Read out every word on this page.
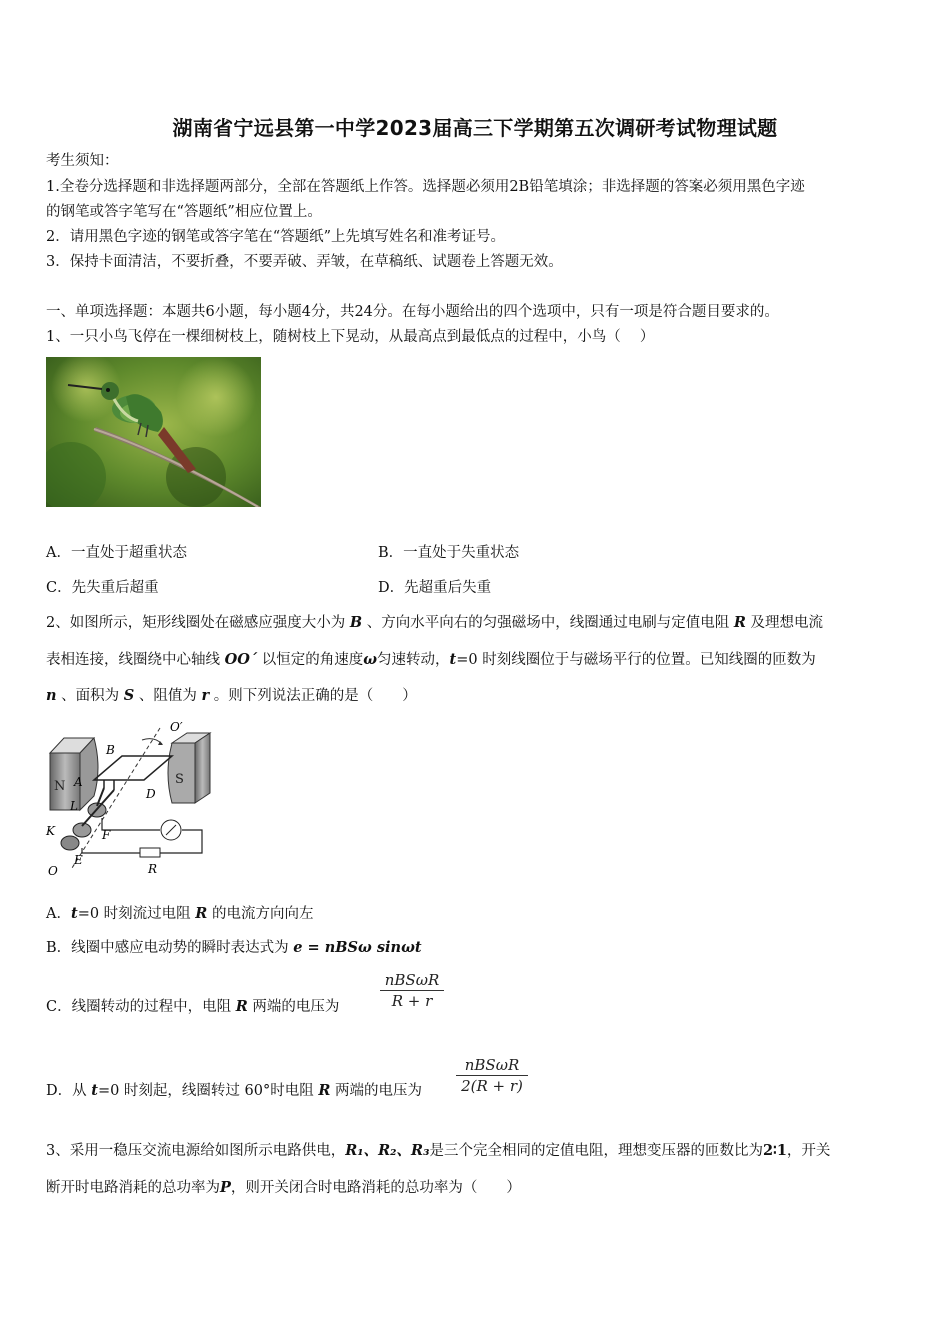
湖南省宁远县第一中学2023届高三下学期第五次调研考试物理试题
考生须知：
1.全卷分选择题和非选择题两部分，全部在答题纸上作答。选择题必须用2B铅笔填涂；非选择题的答案必须用黑色字迹
的钢笔或答字笔写在“答题纸”相应位置上。
2．请用黑色字迹的钢笔或答字笔在“答题纸”上先填写姓名和准考证号。
3．保持卡面清洁，不要折叠，不要弄破、弄皱，在草稿纸、试题卷上答题无效。
一、单项选择题：本题共6小题，每小题4分，共24分。在每小题给出的四个选项中，只有一项是符合题目要求的。
1、一只小鸟飞停在一棵细树枝上，随树枝上下晃动，从最高点到最低点的过程中，小鸟（　 ）
A．一直处于超重状态	B．一直处于失重状态
C．先失重后超重	D．先超重后失重
2、如图所示，矩形线圈处在磁感应强度大小为 B 、方向水平向右的匀强磁场中，线圈通过电刷与定值电阻 R 及理想电流
表相连接，线圈绕中心轴线 OO´ 以恒定的角速度ω匀速转动，t=0 时刻线圈位于与磁场平行的位置。已知线圈的匝数为
n 、面积为 S 、阻值为 r 。则下列说法正确的是（　　）
N	S
B
A
D
L
K	F
E
O
O′
R
A．t=0 时刻流过电阻 R 的电流方向向左
B．线圈中感应电动势的瞬时表达式为 e = nBSω sinωt
C．线圈转动的过程中，电阻 R 两端的电压为
nBSωR
R + r
D．从 t=0 时刻起，线圈转过 60°时电阻 R 两端的电压为
nBSωR
2(R + r)
3、采用一稳压交流电源给如图所示电路供电，R₁、R₂、R₃是三个完全相同的定值电阻，理想变压器的匝数比为2∶1，开关
断开时电路消耗的总功率为P，则开关闭合时电路消耗的总功率为（　　）
